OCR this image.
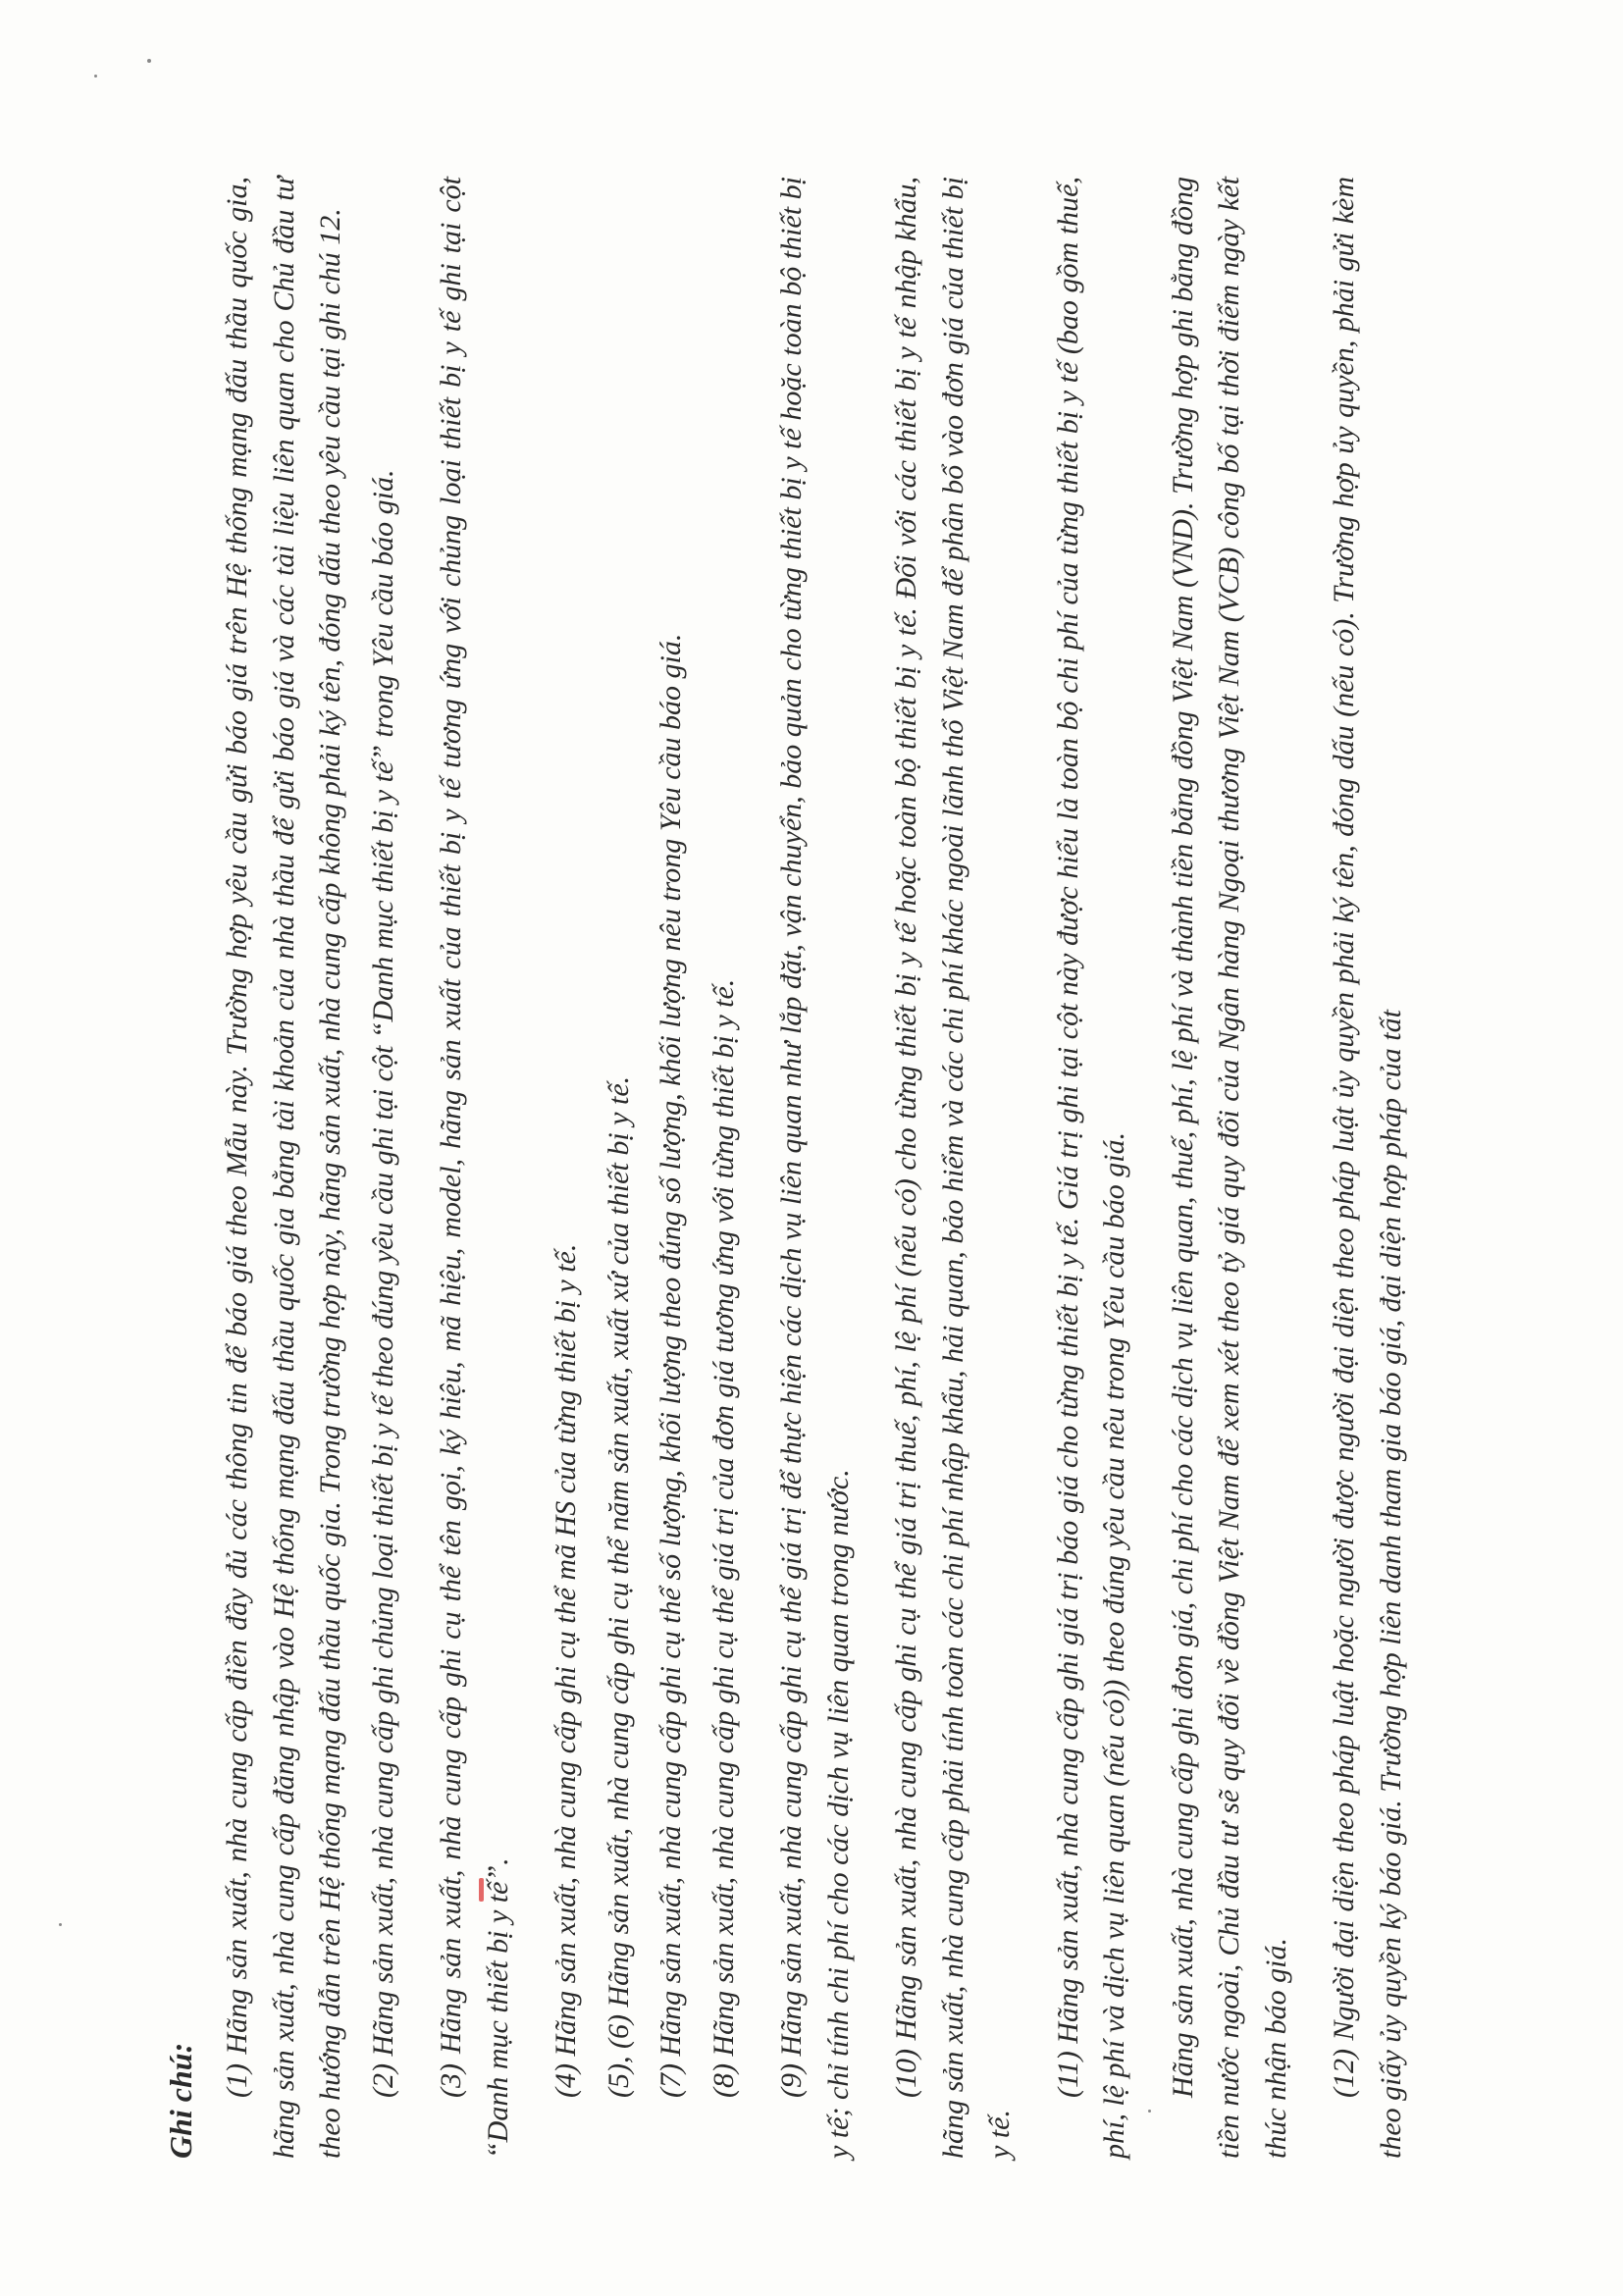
Ghi chú:

(1) Hãng sản xuất, nhà cung cấp điền đầy đủ các thông tin để báo giá theo Mẫu này. Trường hợp yêu cầu gửi báo giá trên Hệ thống mạng đấu thầu quốc gia, hãng sản xuất, nhà cung cấp đăng nhập vào Hệ thống mạng đấu thầu quốc gia bằng tài khoản của nhà thầu để gửi báo giá và các tài liệu liên quan cho Chủ đầu tư theo hướng dẫn trên Hệ thống mạng đấu thầu quốc gia. Trong trường hợp này, hãng sản xuất, nhà cung cấp không phải ký tên, đóng dấu theo yêu cầu tại ghi chú 12. (2) Hãng sản xuất, nhà cung cấp ghi chủng loại thiết bị y tế theo đúng yêu cầu ghi tại cột “Danh mục thiết bị y tế” trong Yêu cầu báo giá. (3) Hãng sản xuất, nhà cung cấp ghi cụ thể tên gọi, ký hiệu, mã hiệu, model, hãng sản xuất của thiết bị y tế tương ứng với chủng loại thiết bị y tế ghi tại cột “Danh mục thiết bị y tế”. (4) Hãng sản xuất, nhà cung cấp ghi cụ thể mã HS của từng thiết bị y tế. (5), (6) Hãng sản xuất, nhà cung cấp ghi cụ thể năm sản xuất, xuất xứ của thiết bị y tế. (7) Hãng sản xuất, nhà cung cấp ghi cụ thể số lượng, khối lượng theo đúng số lượng, khối lượng nêu trong Yêu cầu báo giá. (8) Hãng sản xuất, nhà cung cấp ghi cụ thể giá trị của đơn giá tương ứng với từng thiết bị y tế. (9) Hãng sản xuất, nhà cung cấp ghi cụ thể giá trị để thực hiện các dịch vụ liên quan như lắp đặt, vận chuyển, bảo quản cho từng thiết bị y tế hoặc toàn bộ thiết bị y tế; chỉ tính chi phí cho các dịch vụ liên quan trong nước. (10) Hãng sản xuất, nhà cung cấp ghi cụ thể giá trị thuế, phí, lệ phí (nếu có) cho từng thiết bị y tế hoặc toàn bộ thiết bị y tế. Đối với các thiết bị y tế nhập khẩu, hãng sản xuất, nhà cung cấp phải tính toàn các chi phí nhập khẩu, hải quan, bảo hiểm và các chi phí khác ngoài lãnh thổ Việt Nam để phân bổ vào đơn giá của thiết bị y tế.

(11) Hãng sản xuất, nhà cung cấp ghi giá trị báo giá cho từng thiết bị y tế. Giá trị ghi tại cột này được hiểu là toàn bộ chi phí của từng thiết bị y tế (bao gồm thuế, phí, lệ phí và dịch vụ liên quan (nếu có)) theo đúng yêu cầu nêu trong Yêu cầu báo giá. Hãng sản xuất, nhà cung cấp ghi đơn giá, chi phí cho các dịch vụ liên quan, thuế, phí, lệ phí và thành tiền bằng đồng Việt Nam (VND). Trường hợp ghi bằng đồng tiền nước ngoài, Chủ đầu tư sẽ quy đổi về đồng Việt Nam để xem xét theo tỷ giá quy đổi của Ngân hàng Ngoại thương Việt Nam (VCB) công bố tại thời điểm ngày kết thúc nhận báo giá. (12) Người đại diện theo pháp luật hoặc người được người đại diện theo pháp luật ủy quyền phải ký tên, đóng dấu (nếu có). Trường hợp ủy quyền, phải gửi kèm theo giấy ủy quyền ký báo giá. Trường hợp liên danh tham gia báo giá, đại diện hợp pháp của tất
